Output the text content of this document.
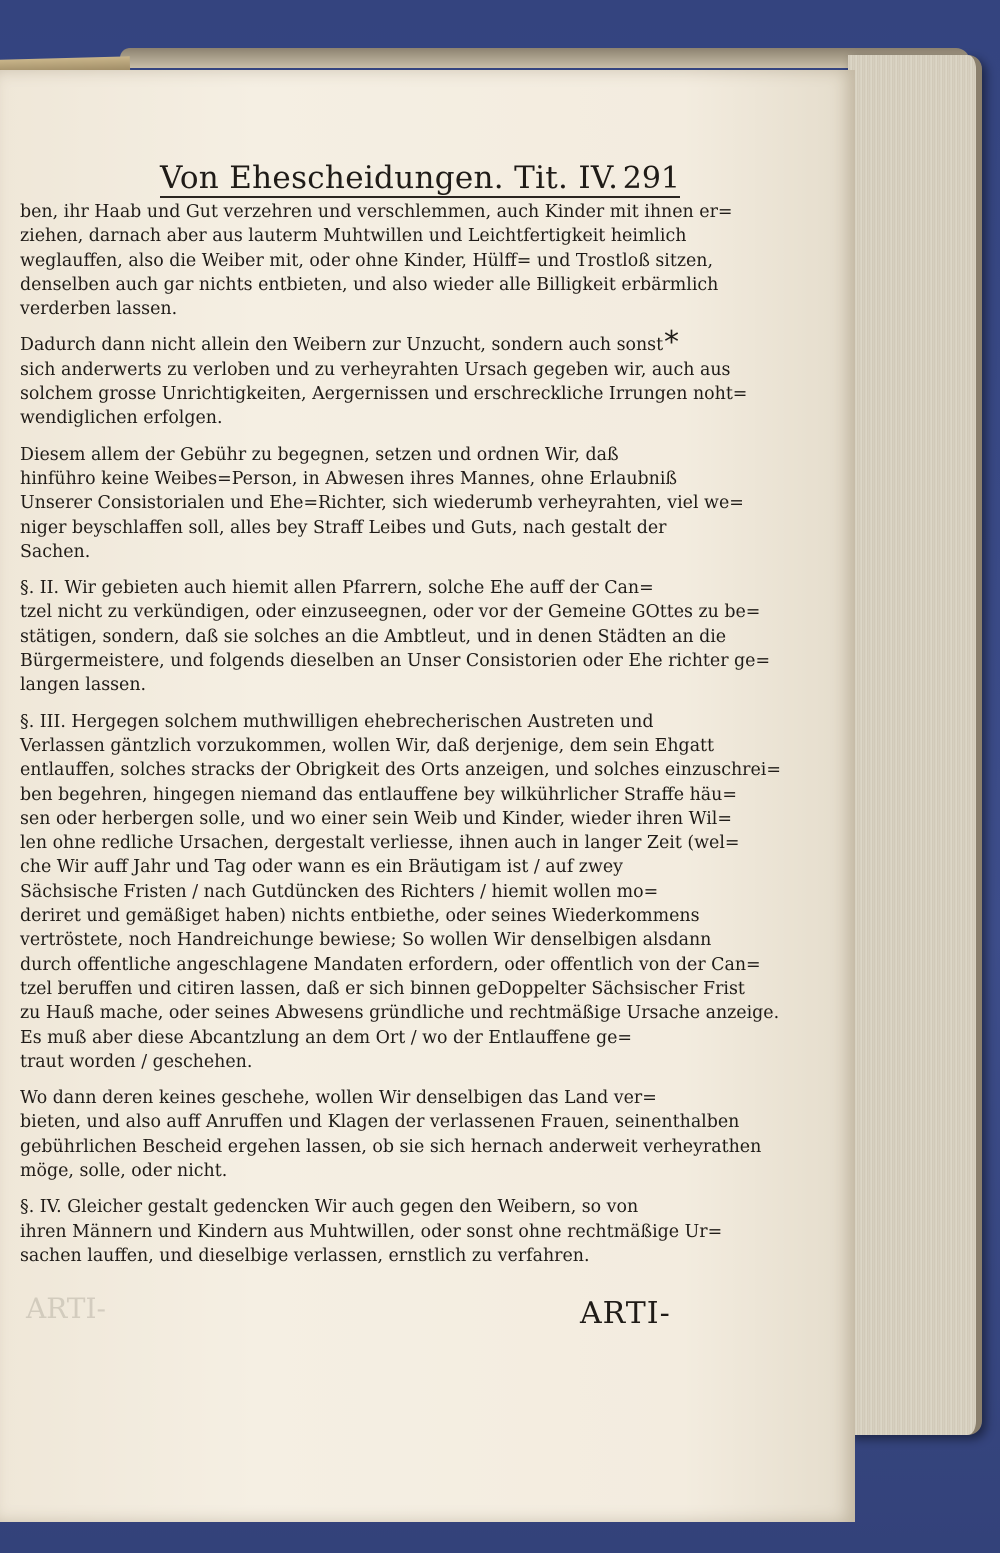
Von Ehescheidungen. Tit. IV. 291
*

ben, ihr Haab und Gut verzehren und verschlemmen, auch Kinder mit ihnen er=
ziehen, darnach aber aus lauterm Muhtwillen und Leichtfertigkeit heimlich
weglauffen, also die Weiber mit, oder ohne Kinder, Hülff= und Trostloß sitzen,
denselben auch gar nichts entbieten, und also wieder alle Billigkeit erbärmlich
verderben lassen.

Dadurch dann nicht allein den Weibern zur Unzucht, sondern auch sonst
sich anderwerts zu verloben und zu verheyrahten Ursach gegeben wir, auch aus
solchem grosse Unrichtigkeiten, Aergernissen und erschreckliche Irrungen noht=
wendiglichen erfolgen.

Diesem allem der Gebühr zu begegnen, setzen und ordnen Wir, daß
hinführo keine Weibes=Person, in Abwesen ihres Mannes, ohne Erlaubniß
Unserer Consistorialen und Ehe=Richter, sich wiederumb verheyrahten, viel we=
niger beyschlaffen soll, alles bey Straff Leibes und Guts, nach gestalt der
Sachen.

§. II. Wir gebieten auch hiemit allen Pfarrern, solche Ehe auff der Can=
tzel nicht zu verkündigen, oder einzuseegnen, oder vor der Gemeine GOttes zu be=
stätigen, sondern, daß sie solches an die Ambtleut, und in denen Städten an die
Bürgermeistere, und folgends dieselben an Unser Consistorien oder Ehe richter ge=
langen lassen.

§. III. Hergegen solchem muthwilligen ehebrecherischen Austreten und
Verlassen gäntzlich vorzukommen, wollen Wir, daß derjenige, dem sein Ehgatt
entlauffen, solches stracks der Obrigkeit des Orts anzeigen, und solches einzuschrei=
ben begehren, hingegen niemand das entlauffene bey wilkührlicher Straffe häu=
sen oder herbergen solle, und wo einer sein Weib und Kinder, wieder ihren Wil=
len ohne redliche Ursachen, dergestalt verliesse, ihnen auch in langer Zeit (wel=
che Wir auff Jahr und Tag oder wann es ein Bräutigam ist / auf zwey
Sächsische Fristen / nach Gutdüncken des Richters / hiemit wollen mo=
deriret und gemäßiget haben) nichts entbiethe, oder seines Wiederkommens
vertröstete, noch Handreichunge bewiese; So wollen Wir denselbigen alsdann
durch offentliche angeschlagene Mandaten erfordern, oder offentlich von der Can=
tzel beruffen und citiren lassen, daß er sich binnen geDoppelter Sächsischer Frist
zu Hauß mache, oder seines Abwesens gründliche und rechtmäßige Ursache anzeige.
Es muß aber diese Abcantzlung an dem Ort / wo der Entlauffene ge=
traut worden / geschehen.

Wo dann deren keines geschehe, wollen Wir denselbigen das Land ver=
bieten, und also auff Anruffen und Klagen der verlassenen Frauen, seinenthalben
gebührlichen Bescheid ergehen lassen, ob sie sich hernach anderweit verheyrathen
möge, solle, oder nicht.

§. IV. Gleicher gestalt gedencken Wir auch gegen den Weibern, so von
ihren Männern und Kindern aus Muhtwillen, oder sonst ohne rechtmäßige Ur=
sachen lauffen, und dieselbige verlassen, ernstlich zu verfahren.

ARTI-	ARTI-
